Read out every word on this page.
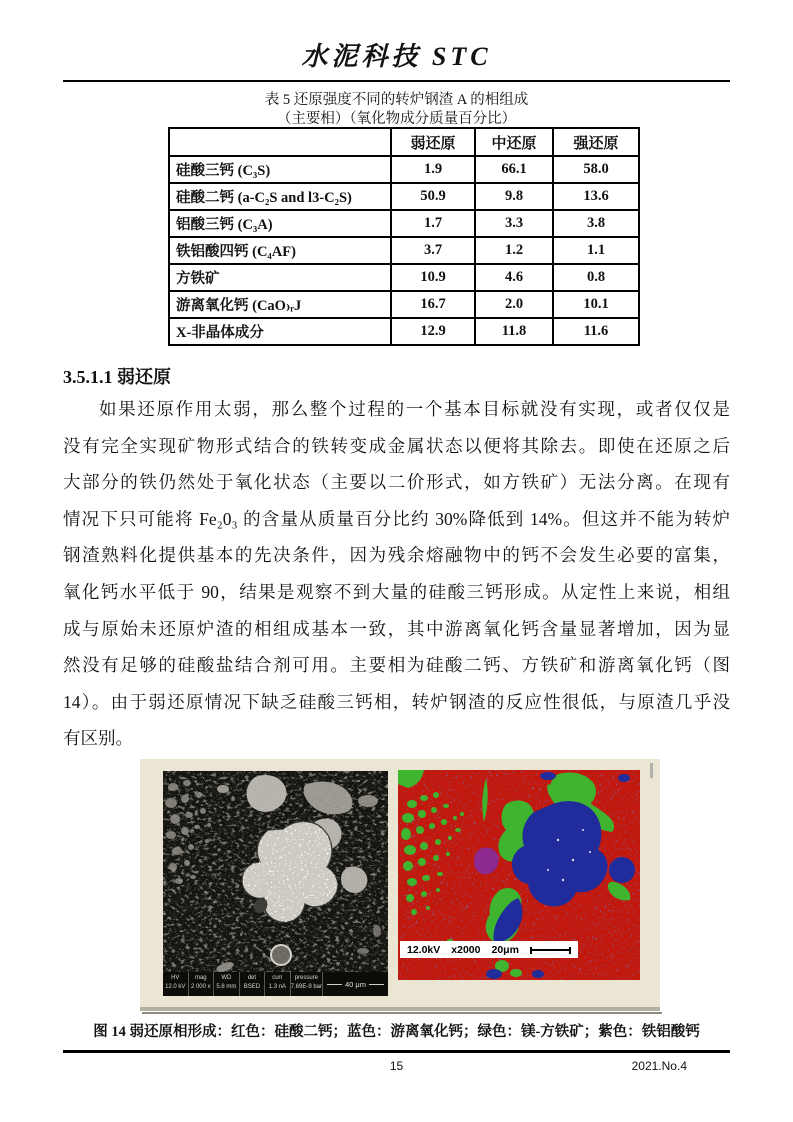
水泥科技 STC
表 5 还原强度不同的转炉钢渣 A 的相组成
（主要相）（氧化物成分质量百分比）
	弱还原	中还原	强还原
硅酸三钙 (C₃S)	1.9	66.1	58.0
硅酸二钙 (a-C₂S and l3-C₂S)	50.9	9.8	13.6
铝酸三钙 (C₃A)	1.7	3.3	3.8
铁铝酸四钙 (C₄AF)	3.7	1.2	1.1
方铁矿	10.9	4.6	0.8
游离氧化钙 (CaO₎ᵣJ	16.7	2.0	10.1
X-非晶体成分	12.9	11.8	11.6
3.5.1.1 弱还原
如果还原作用太弱，那么整个过程的一个基本目标就没有实现，或者仅仅是
没有完全实现矿物形式结合的铁转变成金属状态以便将其除去。即使在还原之后
大部分的铁仍然处于氧化状态（主要以二价形式，如方铁矿）无法分离。在现有
情况下只可能将 Fe₂0₃ 的含量从质量百分比约 30%降低到 14%。但这并不能为转炉
钢渣熟料化提供基本的先决条件，因为残余熔融物中的钙不会发生必要的富集，
氧化钙水平低于 90，结果是观察不到大量的硅酸三钙形成。从定性上来说，相组
成与原始未还原炉渣的相组成基本一致，其中游离氧化钙含量显著增加，因为显
然没有足够的硅酸盐结合剂可用。主要相为硅酸二钙、方铁矿和游离氧化钙（图
14）。由于弱还原情况下缺乏硅酸三钙相，转炉钢渣的反应性很低，与原渣几乎没
有区别。
HV
12.0 kV
mag
2 000 x
WD
5.8 mm
det
BSED
curr
1.3 nA
pressure
7.69E-9 bar	40 μm
12.0kV x2000 20μm
图 14 弱还原相形成：红色：硅酸二钙；蓝色：游离氧化钙；绿色：镁-方铁矿；紫色：铁铝酸钙
15	2021.No.4
